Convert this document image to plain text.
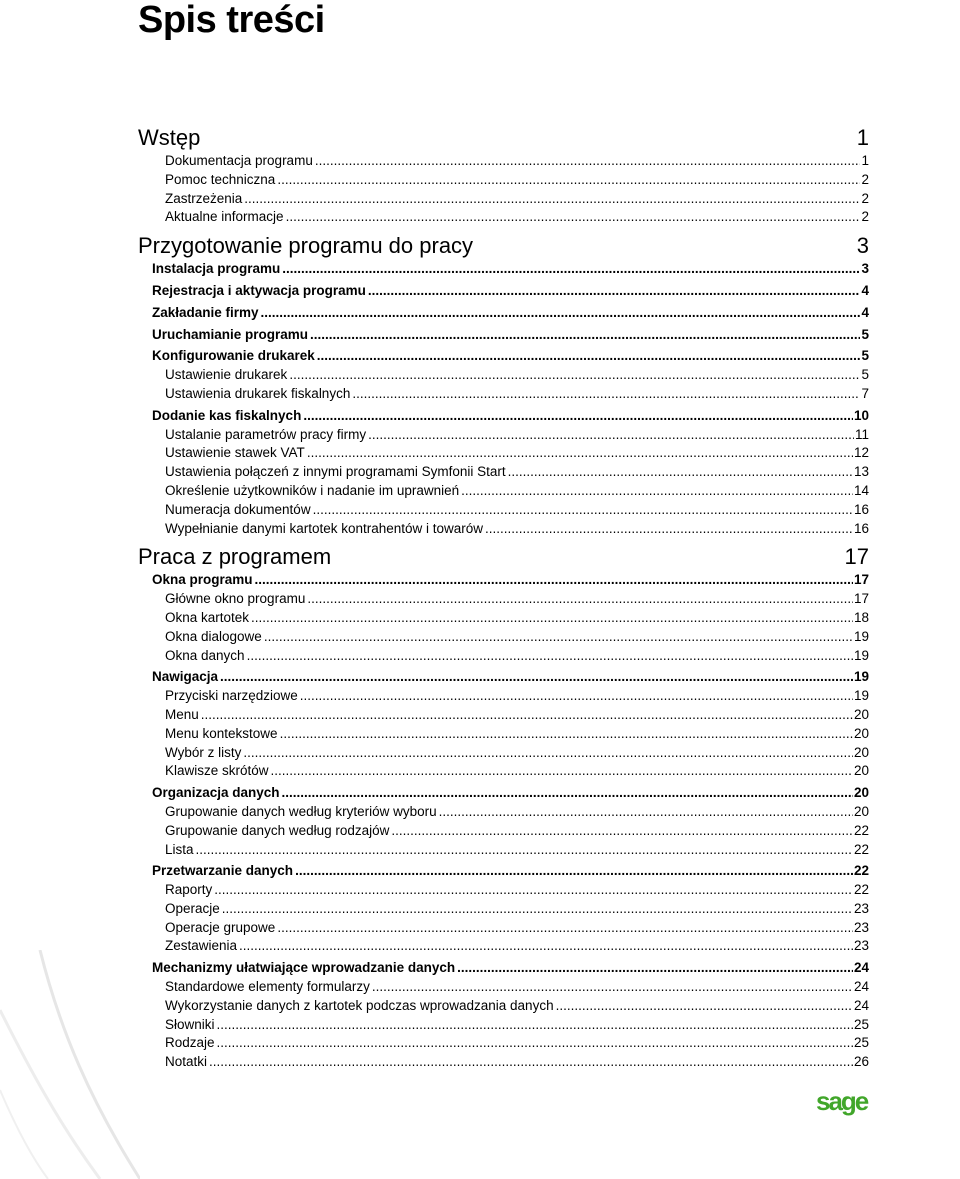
Spis treści
Wstęp	1
Dokumentacja programu .....	1
Pomoc techniczna .....	2
Zastrzeżenia .....	2
Aktualne informacje .....	2
Przygotowanie programu do pracy	3
Instalacja programu .....	3
Rejestracja i aktywacja programu .....	4
Zakładanie firmy .....	4
Uruchamianie programu .....	5
Konfigurowanie drukarek .....	5
Ustawienie drukarek .....	5
Ustawienia drukarek fiskalnych .....	7
Dodanie kas fiskalnych .....	10
Ustalanie parametrów pracy firmy .....	11
Ustawienie stawek VAT .....	12
Ustawienia połączeń z innymi programami Symfonii Start .....	13
Określenie użytkowników i nadanie im uprawnień .....	14
Numeracja dokumentów .....	16
Wypełnianie danymi kartotek kontrahentów i towarów .....	16
Praca z programem	17
Okna programu .....	17
Główne okno programu .....	17
Okna kartotek .....	18
Okna dialogowe .....	19
Okna danych .....	19
Nawigacja .....	19
Przyciski narzędziowe .....	19
Menu .....	20
Menu kontekstowe .....	20
Wybór z listy .....	20
Klawisze skrótów .....	20
Organizacja danych .....	20
Grupowanie danych według kryteriów wyboru .....	20
Grupowanie danych według rodzajów .....	22
Lista .....	22
Przetwarzanie danych .....	22
Raporty .....	22
Operacje .....	23
Operacje grupowe .....	23
Zestawienia .....	23
Mechanizmy ułatwiające wprowadzanie danych .....	24
Standardowe elementy formularzy .....	24
Wykorzystanie danych z kartotek podczas wprowadzania danych .....	24
Słowniki .....	25
Rodzaje .....	25
Notatki .....	26
sage
